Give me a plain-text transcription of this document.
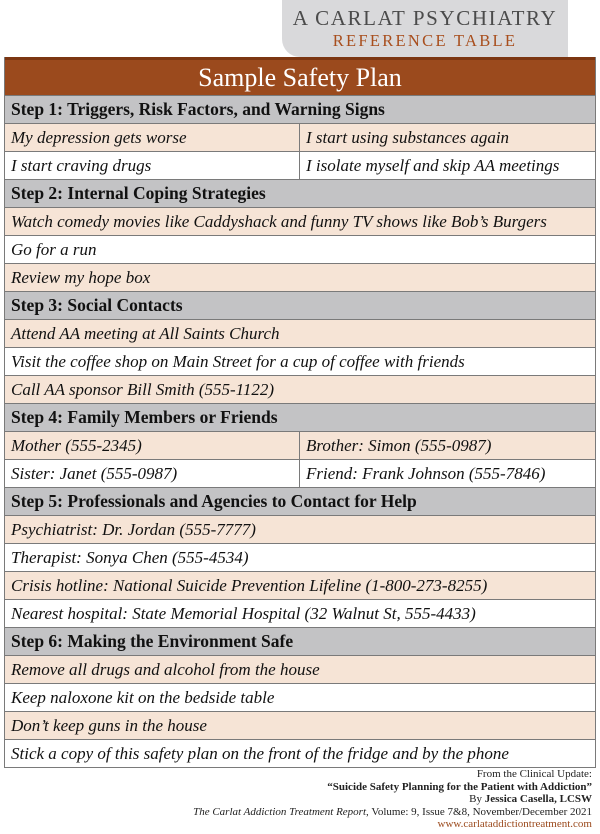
A CARLAT PSYCHIATRY
REFERENCE TABLE
Sample Safety Plan
Step 1: Triggers, Risk Factors, and Warning Signs
My depression gets worse	I start using substances again
I start craving drugs	I isolate myself and skip AA meetings
Step 2: Internal Coping Strategies
Watch comedy movies like Caddyshack and funny TV shows like Bob’s Burgers
Go for a run
Review my hope box
Step 3: Social Contacts
Attend AA meeting at All Saints Church
Visit the coffee shop on Main Street for a cup of coffee with friends
Call AA sponsor Bill Smith (555-1122)
Step 4: Family Members or Friends
Mother (555-2345)	Brother: Simon (555-0987)
Sister: Janet (555-0987)	Friend: Frank Johnson (555-7846)
Step 5: Professionals and Agencies to Contact for Help
Psychiatrist: Dr. Jordan (555-7777)
Therapist: Sonya Chen (555-4534)
Crisis hotline: National Suicide Prevention Lifeline (1-800-273-8255)
Nearest hospital: State Memorial Hospital (32 Walnut St, 555-4433)
Step 6: Making the Environment Safe
Remove all drugs and alcohol from the house
Keep naloxone kit on the bedside table
Don’t keep guns in the house
Stick a copy of this safety plan on the front of the fridge and by the phone
From the Clinical Update:
“Suicide Safety Planning for the Patient with Addiction”
By Jessica Casella, LCSW
The Carlat Addiction Treatment Report, Volume: 9, Issue 7&8, November/December 2021
www.carlataddictiontreatment.com
